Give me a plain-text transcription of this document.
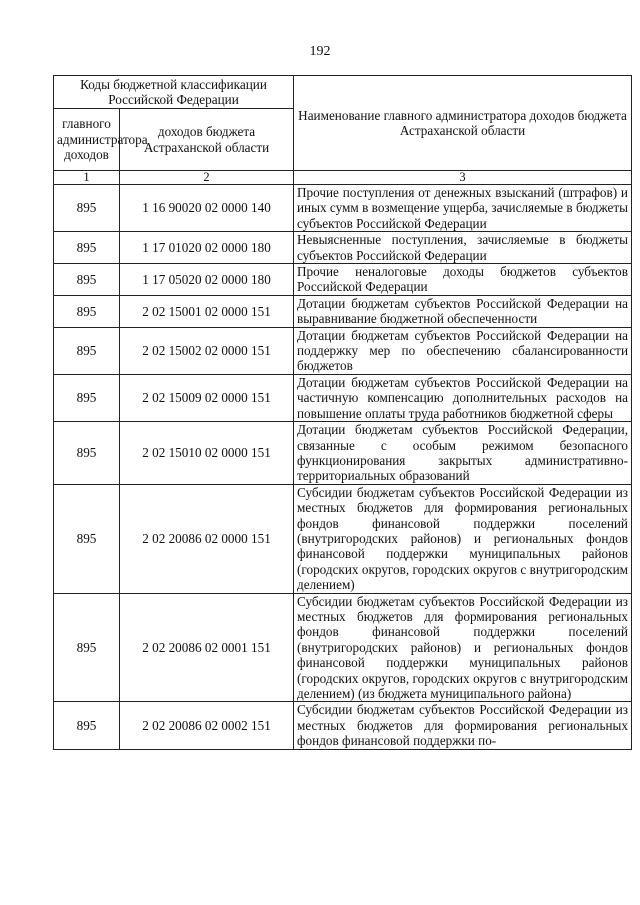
192
Коды бюджетной классификации Российской Федерации		Наименование главного администратора доходов бюджета Астраханской области
главного администратора доходов	доходов бюджета Астраханской области	
1	2	3
895	1 16 90020 02 0000 140	Прочие поступления от денежных взысканий (штрафов) и иных сумм в возмещение ущерба, зачисляемые в бюджеты субъектов Российской Федерации
895	1 17 01020 02 0000 180	Невыясненные поступления, зачисляемые в бюджеты субъектов Российской Федерации
895	1 17 05020 02 0000 180	Прочие неналоговые доходы бюджетов субъектов Российской Федерации
895	2 02 15001 02 0000 151	Дотации бюджетам субъектов Российской Федерации на выравнивание бюджетной обеспеченности
895	2 02 15002 02 0000 151	Дотации бюджетам субъектов Российской Федерации на поддержку мер по обеспечению сбалансированности бюджетов
895	2 02 15009 02 0000 151	Дотации бюджетам субъектов Российской Федерации на частичную компенсацию дополнительных расходов на повышение оплаты труда работников бюджетной сферы
895	2 02 15010 02 0000 151	Дотации бюджетам субъектов Российской Федерации, связанные с особым режимом безопасного функционирования закрытых административно-территориальных образований
895	2 02 20086 02 0000 151	Субсидии бюджетам субъектов Российской Федерации из местных бюджетов для формирования региональных фондов финансовой поддержки поселений (внутригородских районов) и региональных фондов финансовой поддержки муниципальных районов (городских округов, городских округов с внутригородским делением)
895	2 02 20086 02 0001 151	Субсидии бюджетам субъектов Российской Федерации из местных бюджетов для формирования региональных фондов финансовой поддержки поселений (внутригородских районов) и региональных фондов финансовой поддержки муниципальных районов (городских округов, городских округов с внутригородским делением) (из бюджета муниципального района)
895	2 02 20086 02 0002 151	Субсидии бюджетам субъектов Российской Федерации из местных бюджетов для формирования региональных фондов финансовой поддержки по-
